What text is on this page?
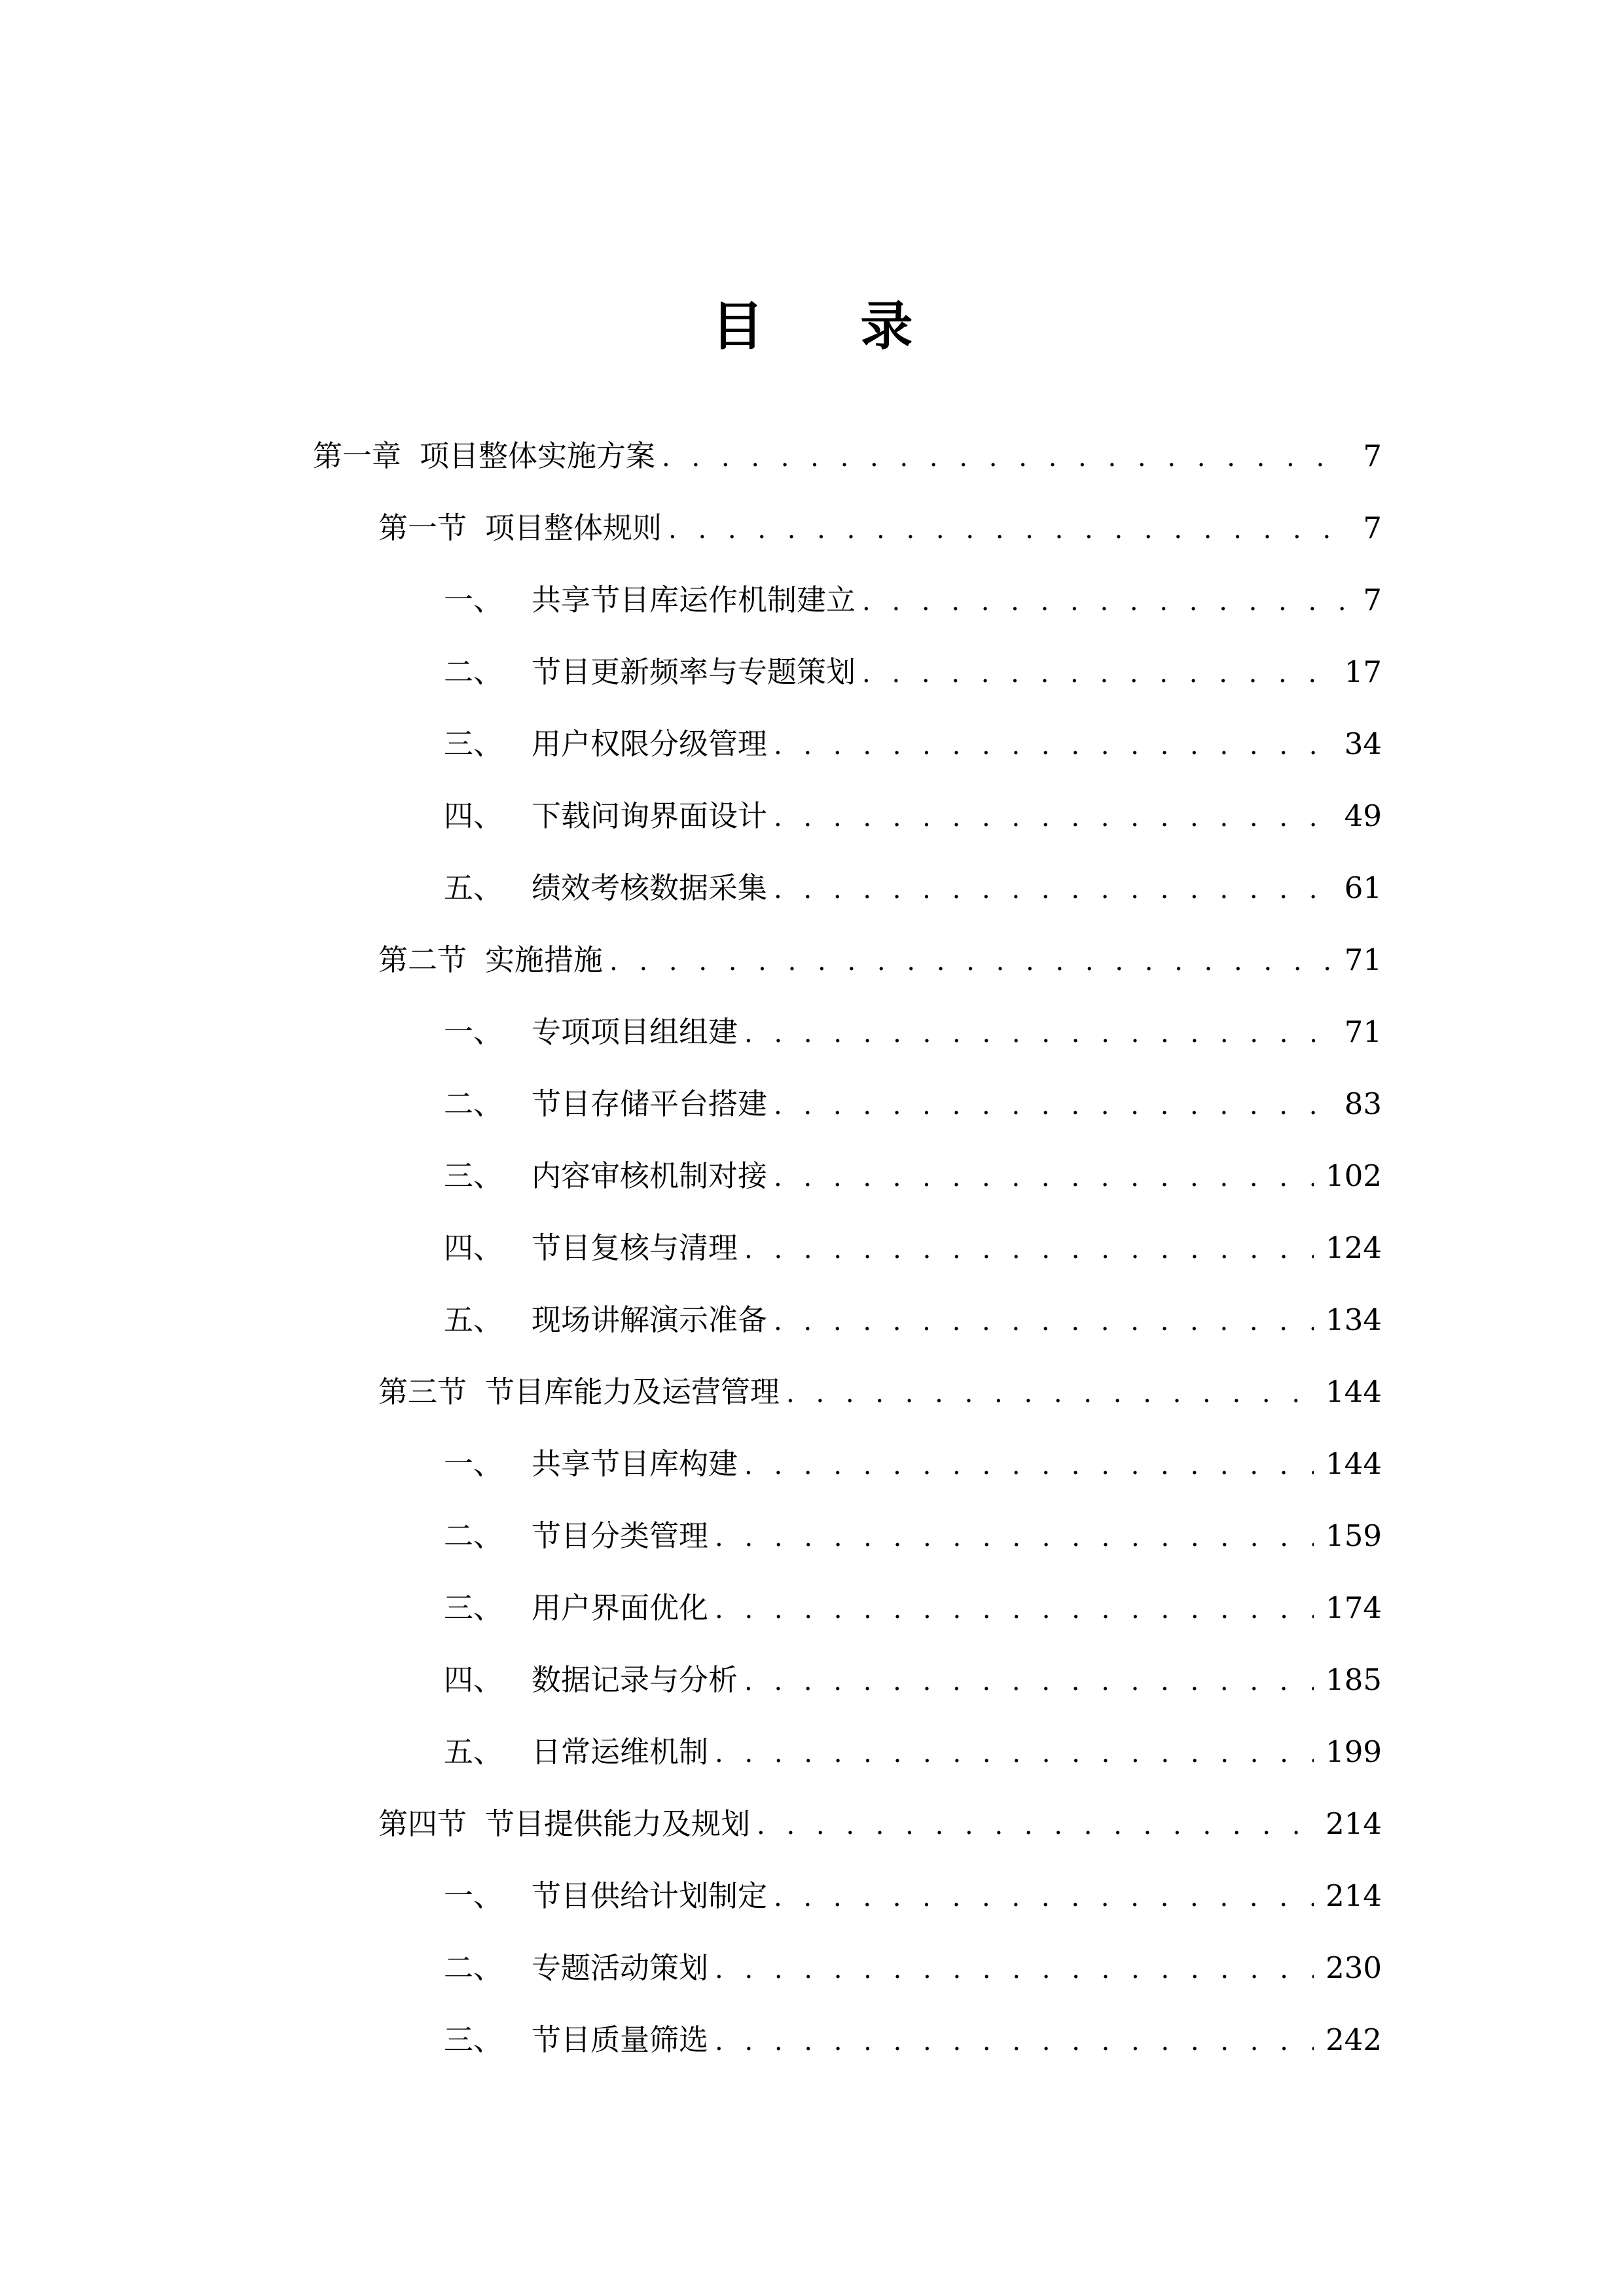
目 录
第一章 项目整体实施方案 . . .	7
第一节 项目整体规则 . . .	7
一、 共享节目库运作机制建立 . . .	7
二、 节目更新频率与专题策划 . . .	17
三、 用户权限分级管理 . . .	34
四、 下载问询界面设计 . . .	49
五、 绩效考核数据采集 . . .	61
第二节 实施措施 . . .	71
一、 专项项目组组建 . . .	71
二、 节目存储平台搭建 . . .	83
三、 内容审核机制对接 . . .	102
四、 节目复核与清理 . . .	124
五、 现场讲解演示准备 . . .	134
第三节 节目库能力及运营管理 . . .	144
一、 共享节目库构建 . . .	144
二、 节目分类管理 . . .	159
三、 用户界面优化 . . .	174
四、 数据记录与分析 . . .	185
五、 日常运维机制 . . .	199
第四节 节目提供能力及规划 . . .	214
一、 节目供给计划制定 . . .	214
二、 专题活动策划 . . .	230
三、 节目质量筛选 . . .	242
